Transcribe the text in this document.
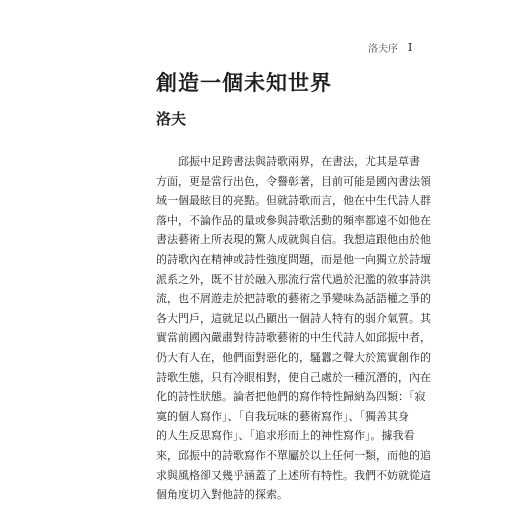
洛夫序 I
創造一個未知世界
洛夫

　　邱振中足跨書法與詩歌兩界，在書法，尤其是草書
方面，更是當行出色，令譽彰著，目前可能是國內書法領
域一個最眩目的亮點。但就詩歌而言，他在中生代詩人群
落中，不論作品的量或參與詩歌活動的頻率都遠不如他在
書法藝術上所表現的驚人成就與自信。我想這跟他由於他
的詩歌內在精神或詩性強度問題，而是他一向獨立於詩壇
派系之外，既不甘於融入那流行當代過於汜濫的敘事詩洪
流，也不屑遊走於把詩歌的藝術之爭變味為話語權之爭的
各大門戶，這就足以凸顯出一個詩人特有的弱介氣質。其
實當前國內嚴肅對待詩歌藝術的中生代詩人如邱振中者，
仍大有人在，他們面對惡化的，騷囂之聲大於篤實創作的
詩歌生態，只有冷眼相對，使自己處於一種沉潛的，內在
化的詩性狀態。論者把他們的寫作特性歸納為四類：「寂
寞的個人寫作」、「自我玩味的藝術寫作」、「獨善其身
的人生反思寫作」、「追求形而上的神性寫作」。據我看
來，邱振中的詩歌寫作不單屬於以上任何一類，而他的追
求與風格卻又幾乎涵蓋了上述所有特性。我們不妨就從這
個角度切入對他詩的探索。
